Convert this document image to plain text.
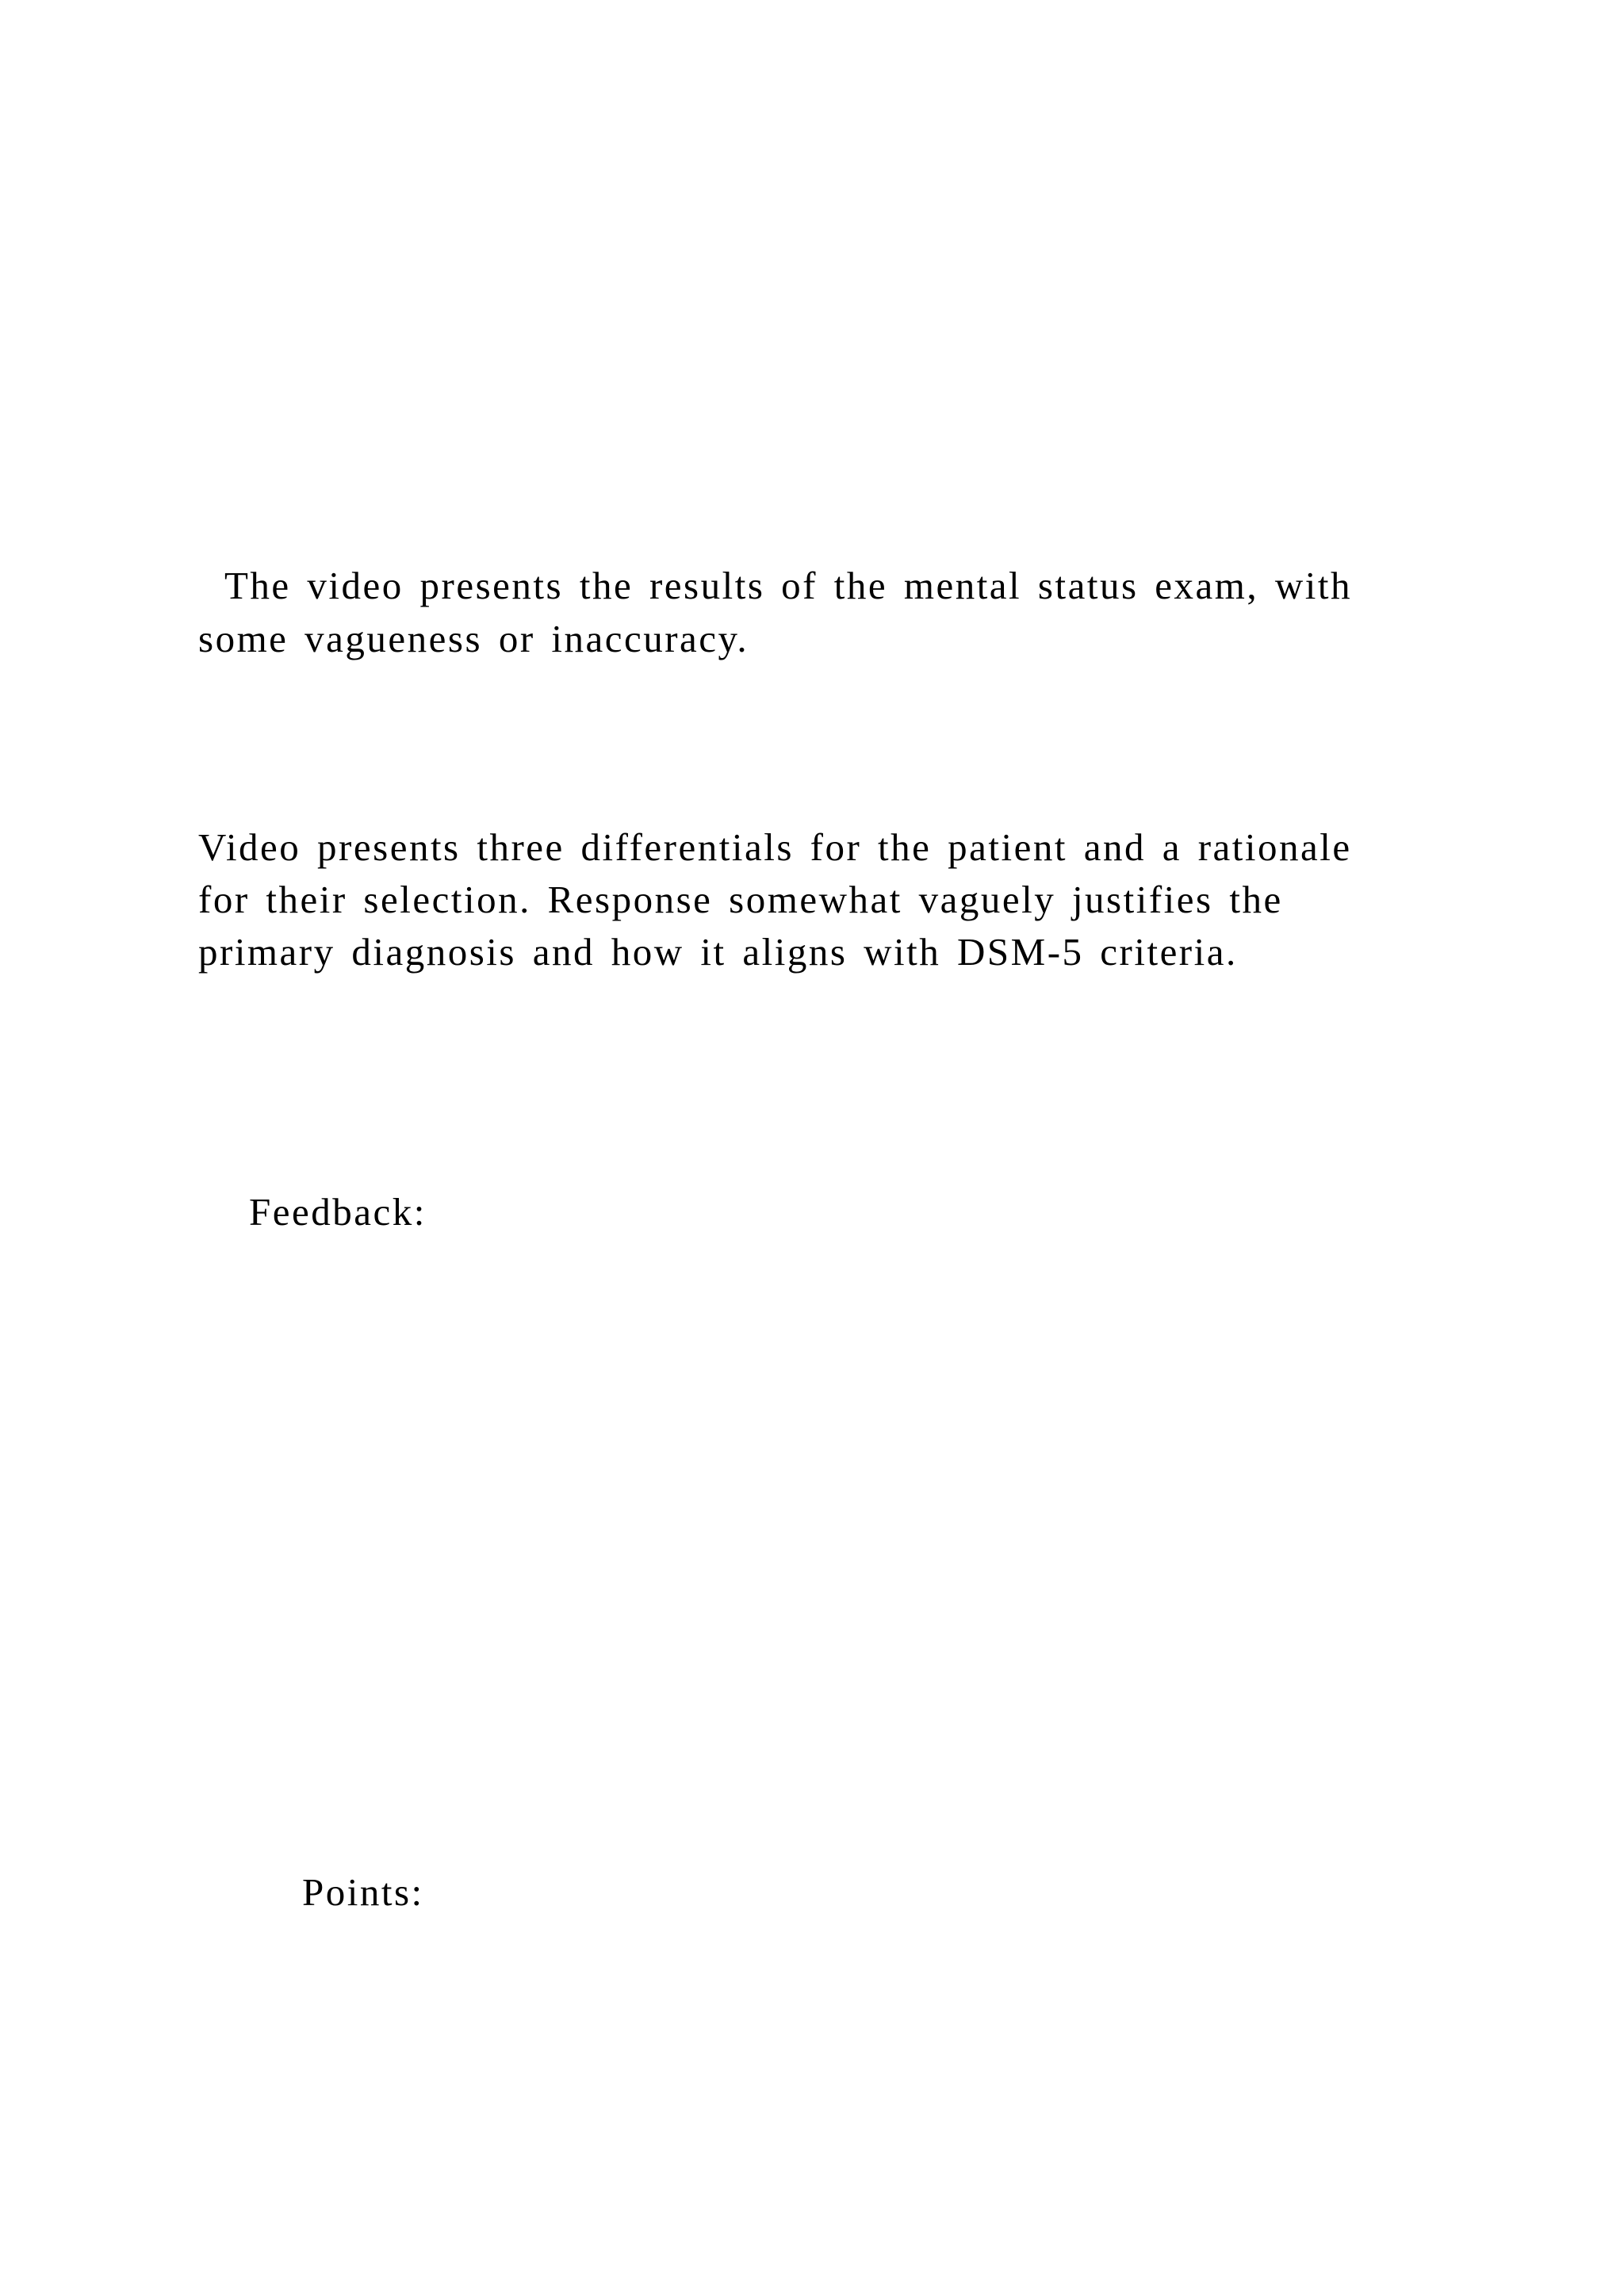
The video presents the results of the mental status exam, with
some vagueness or inaccuracy.
Video presents three differentials for the patient and a rationale
for their selection. Response somewhat vaguely justifies the
primary diagnosis and how it aligns with DSM-5 criteria.
Feedback:
Points:
